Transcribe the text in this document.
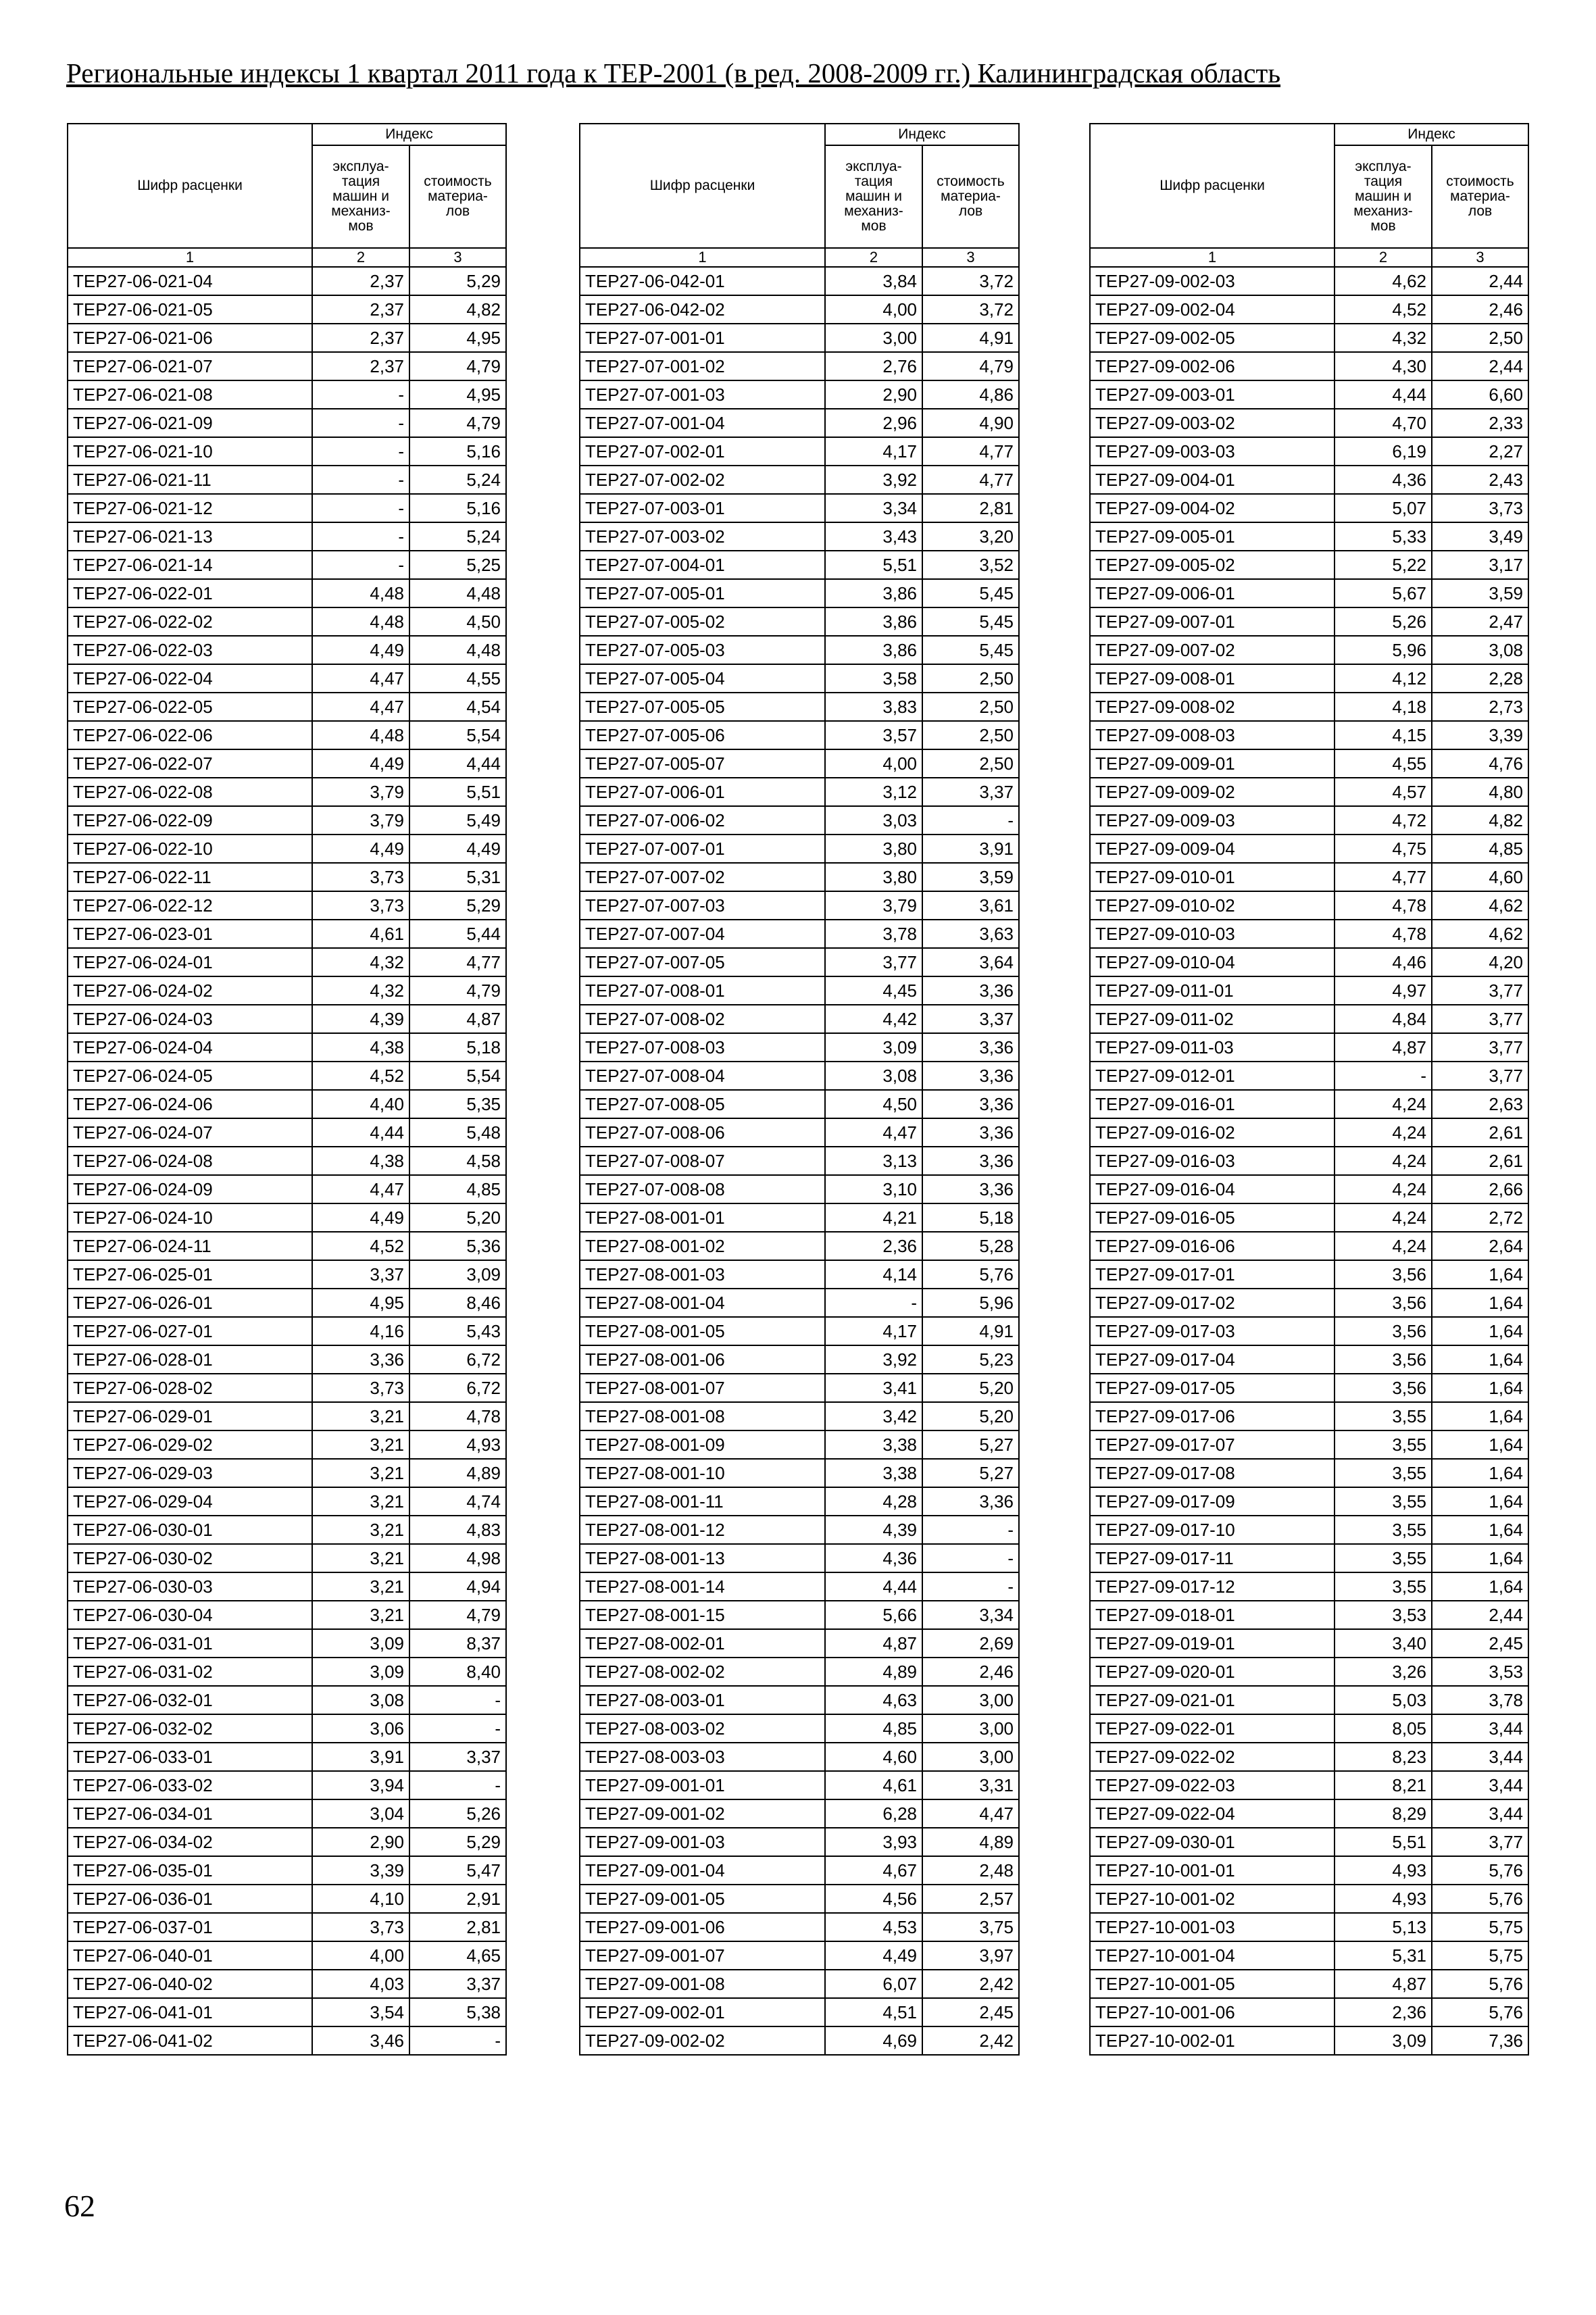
Региональные индексы 1 квартал 2011 года к ТЕР-2001 (в ред. 2008-2009 гг.) Калининградская область
Шифр расценки	Индекс	
	эксплуа-
тация
машин и
механиз-
мов	стоимость
материа-
лов
1	2	3
ТЕР27-06-021-04	2,37	5,29
ТЕР27-06-021-05	2,37	4,82
ТЕР27-06-021-06	2,37	4,95
ТЕР27-06-021-07	2,37	4,79
ТЕР27-06-021-08	-	4,95
ТЕР27-06-021-09	-	4,79
ТЕР27-06-021-10	-	5,16
ТЕР27-06-021-11	-	5,24
ТЕР27-06-021-12	-	5,16
ТЕР27-06-021-13	-	5,24
ТЕР27-06-021-14	-	5,25
ТЕР27-06-022-01	4,48	4,48
ТЕР27-06-022-02	4,48	4,50
ТЕР27-06-022-03	4,49	4,48
ТЕР27-06-022-04	4,47	4,55
ТЕР27-06-022-05	4,47	4,54
ТЕР27-06-022-06	4,48	5,54
ТЕР27-06-022-07	4,49	4,44
ТЕР27-06-022-08	3,79	5,51
ТЕР27-06-022-09	3,79	5,49
ТЕР27-06-022-10	4,49	4,49
ТЕР27-06-022-11	3,73	5,31
ТЕР27-06-022-12	3,73	5,29
ТЕР27-06-023-01	4,61	5,44
ТЕР27-06-024-01	4,32	4,77
ТЕР27-06-024-02	4,32	4,79
ТЕР27-06-024-03	4,39	4,87
ТЕР27-06-024-04	4,38	5,18
ТЕР27-06-024-05	4,52	5,54
ТЕР27-06-024-06	4,40	5,35
ТЕР27-06-024-07	4,44	5,48
ТЕР27-06-024-08	4,38	4,58
ТЕР27-06-024-09	4,47	4,85
ТЕР27-06-024-10	4,49	5,20
ТЕР27-06-024-11	4,52	5,36
ТЕР27-06-025-01	3,37	3,09
ТЕР27-06-026-01	4,95	8,46
ТЕР27-06-027-01	4,16	5,43
ТЕР27-06-028-01	3,36	6,72
ТЕР27-06-028-02	3,73	6,72
ТЕР27-06-029-01	3,21	4,78
ТЕР27-06-029-02	3,21	4,93
ТЕР27-06-029-03	3,21	4,89
ТЕР27-06-029-04	3,21	4,74
ТЕР27-06-030-01	3,21	4,83
ТЕР27-06-030-02	3,21	4,98
ТЕР27-06-030-03	3,21	4,94
ТЕР27-06-030-04	3,21	4,79
ТЕР27-06-031-01	3,09	8,37
ТЕР27-06-031-02	3,09	8,40
ТЕР27-06-032-01	3,08	-
ТЕР27-06-032-02	3,06	-
ТЕР27-06-033-01	3,91	3,37
ТЕР27-06-033-02	3,94	-
ТЕР27-06-034-01	3,04	5,26
ТЕР27-06-034-02	2,90	5,29
ТЕР27-06-035-01	3,39	5,47
ТЕР27-06-036-01	4,10	2,91
ТЕР27-06-037-01	3,73	2,81
ТЕР27-06-040-01	4,00	4,65
ТЕР27-06-040-02	4,03	3,37
ТЕР27-06-041-01	3,54	5,38
ТЕР27-06-041-02	3,46	-
Шифр расценки	Индекс	
	эксплуа-
тация
машин и
механиз-
мов	стоимость
материа-
лов
1	2	3
ТЕР27-06-042-01	3,84	3,72
ТЕР27-06-042-02	4,00	3,72
ТЕР27-07-001-01	3,00	4,91
ТЕР27-07-001-02	2,76	4,79
ТЕР27-07-001-03	2,90	4,86
ТЕР27-07-001-04	2,96	4,90
ТЕР27-07-002-01	4,17	4,77
ТЕР27-07-002-02	3,92	4,77
ТЕР27-07-003-01	3,34	2,81
ТЕР27-07-003-02	3,43	3,20
ТЕР27-07-004-01	5,51	3,52
ТЕР27-07-005-01	3,86	5,45
ТЕР27-07-005-02	3,86	5,45
ТЕР27-07-005-03	3,86	5,45
ТЕР27-07-005-04	3,58	2,50
ТЕР27-07-005-05	3,83	2,50
ТЕР27-07-005-06	3,57	2,50
ТЕР27-07-005-07	4,00	2,50
ТЕР27-07-006-01	3,12	3,37
ТЕР27-07-006-02	3,03	-
ТЕР27-07-007-01	3,80	3,91
ТЕР27-07-007-02	3,80	3,59
ТЕР27-07-007-03	3,79	3,61
ТЕР27-07-007-04	3,78	3,63
ТЕР27-07-007-05	3,77	3,64
ТЕР27-07-008-01	4,45	3,36
ТЕР27-07-008-02	4,42	3,37
ТЕР27-07-008-03	3,09	3,36
ТЕР27-07-008-04	3,08	3,36
ТЕР27-07-008-05	4,50	3,36
ТЕР27-07-008-06	4,47	3,36
ТЕР27-07-008-07	3,13	3,36
ТЕР27-07-008-08	3,10	3,36
ТЕР27-08-001-01	4,21	5,18
ТЕР27-08-001-02	2,36	5,28
ТЕР27-08-001-03	4,14	5,76
ТЕР27-08-001-04	-	5,96
ТЕР27-08-001-05	4,17	4,91
ТЕР27-08-001-06	3,92	5,23
ТЕР27-08-001-07	3,41	5,20
ТЕР27-08-001-08	3,42	5,20
ТЕР27-08-001-09	3,38	5,27
ТЕР27-08-001-10	3,38	5,27
ТЕР27-08-001-11	4,28	3,36
ТЕР27-08-001-12	4,39	-
ТЕР27-08-001-13	4,36	-
ТЕР27-08-001-14	4,44	-
ТЕР27-08-001-15	5,66	3,34
ТЕР27-08-002-01	4,87	2,69
ТЕР27-08-002-02	4,89	2,46
ТЕР27-08-003-01	4,63	3,00
ТЕР27-08-003-02	4,85	3,00
ТЕР27-08-003-03	4,60	3,00
ТЕР27-09-001-01	4,61	3,31
ТЕР27-09-001-02	6,28	4,47
ТЕР27-09-001-03	3,93	4,89
ТЕР27-09-001-04	4,67	2,48
ТЕР27-09-001-05	4,56	2,57
ТЕР27-09-001-06	4,53	3,75
ТЕР27-09-001-07	4,49	3,97
ТЕР27-09-001-08	6,07	2,42
ТЕР27-09-002-01	4,51	2,45
ТЕР27-09-002-02	4,69	2,42
Шифр расценки	Индекс	
	эксплуа-
тация
машин и
механиз-
мов	стоимость
материа-
лов
1	2	3
ТЕР27-09-002-03	4,62	2,44
ТЕР27-09-002-04	4,52	2,46
ТЕР27-09-002-05	4,32	2,50
ТЕР27-09-002-06	4,30	2,44
ТЕР27-09-003-01	4,44	6,60
ТЕР27-09-003-02	4,70	2,33
ТЕР27-09-003-03	6,19	2,27
ТЕР27-09-004-01	4,36	2,43
ТЕР27-09-004-02	5,07	3,73
ТЕР27-09-005-01	5,33	3,49
ТЕР27-09-005-02	5,22	3,17
ТЕР27-09-006-01	5,67	3,59
ТЕР27-09-007-01	5,26	2,47
ТЕР27-09-007-02	5,96	3,08
ТЕР27-09-008-01	4,12	2,28
ТЕР27-09-008-02	4,18	2,73
ТЕР27-09-008-03	4,15	3,39
ТЕР27-09-009-01	4,55	4,76
ТЕР27-09-009-02	4,57	4,80
ТЕР27-09-009-03	4,72	4,82
ТЕР27-09-009-04	4,75	4,85
ТЕР27-09-010-01	4,77	4,60
ТЕР27-09-010-02	4,78	4,62
ТЕР27-09-010-03	4,78	4,62
ТЕР27-09-010-04	4,46	4,20
ТЕР27-09-011-01	4,97	3,77
ТЕР27-09-011-02	4,84	3,77
ТЕР27-09-011-03	4,87	3,77
ТЕР27-09-012-01	-	3,77
ТЕР27-09-016-01	4,24	2,63
ТЕР27-09-016-02	4,24	2,61
ТЕР27-09-016-03	4,24	2,61
ТЕР27-09-016-04	4,24	2,66
ТЕР27-09-016-05	4,24	2,72
ТЕР27-09-016-06	4,24	2,64
ТЕР27-09-017-01	3,56	1,64
ТЕР27-09-017-02	3,56	1,64
ТЕР27-09-017-03	3,56	1,64
ТЕР27-09-017-04	3,56	1,64
ТЕР27-09-017-05	3,56	1,64
ТЕР27-09-017-06	3,55	1,64
ТЕР27-09-017-07	3,55	1,64
ТЕР27-09-017-08	3,55	1,64
ТЕР27-09-017-09	3,55	1,64
ТЕР27-09-017-10	3,55	1,64
ТЕР27-09-017-11	3,55	1,64
ТЕР27-09-017-12	3,55	1,64
ТЕР27-09-018-01	3,53	2,44
ТЕР27-09-019-01	3,40	2,45
ТЕР27-09-020-01	3,26	3,53
ТЕР27-09-021-01	5,03	3,78
ТЕР27-09-022-01	8,05	3,44
ТЕР27-09-022-02	8,23	3,44
ТЕР27-09-022-03	8,21	3,44
ТЕР27-09-022-04	8,29	3,44
ТЕР27-09-030-01	5,51	3,77
ТЕР27-10-001-01	4,93	5,76
ТЕР27-10-001-02	4,93	5,76
ТЕР27-10-001-03	5,13	5,75
ТЕР27-10-001-04	5,31	5,75
ТЕР27-10-001-05	4,87	5,76
ТЕР27-10-001-06	2,36	5,76
ТЕР27-10-002-01	3,09	7,36
62
